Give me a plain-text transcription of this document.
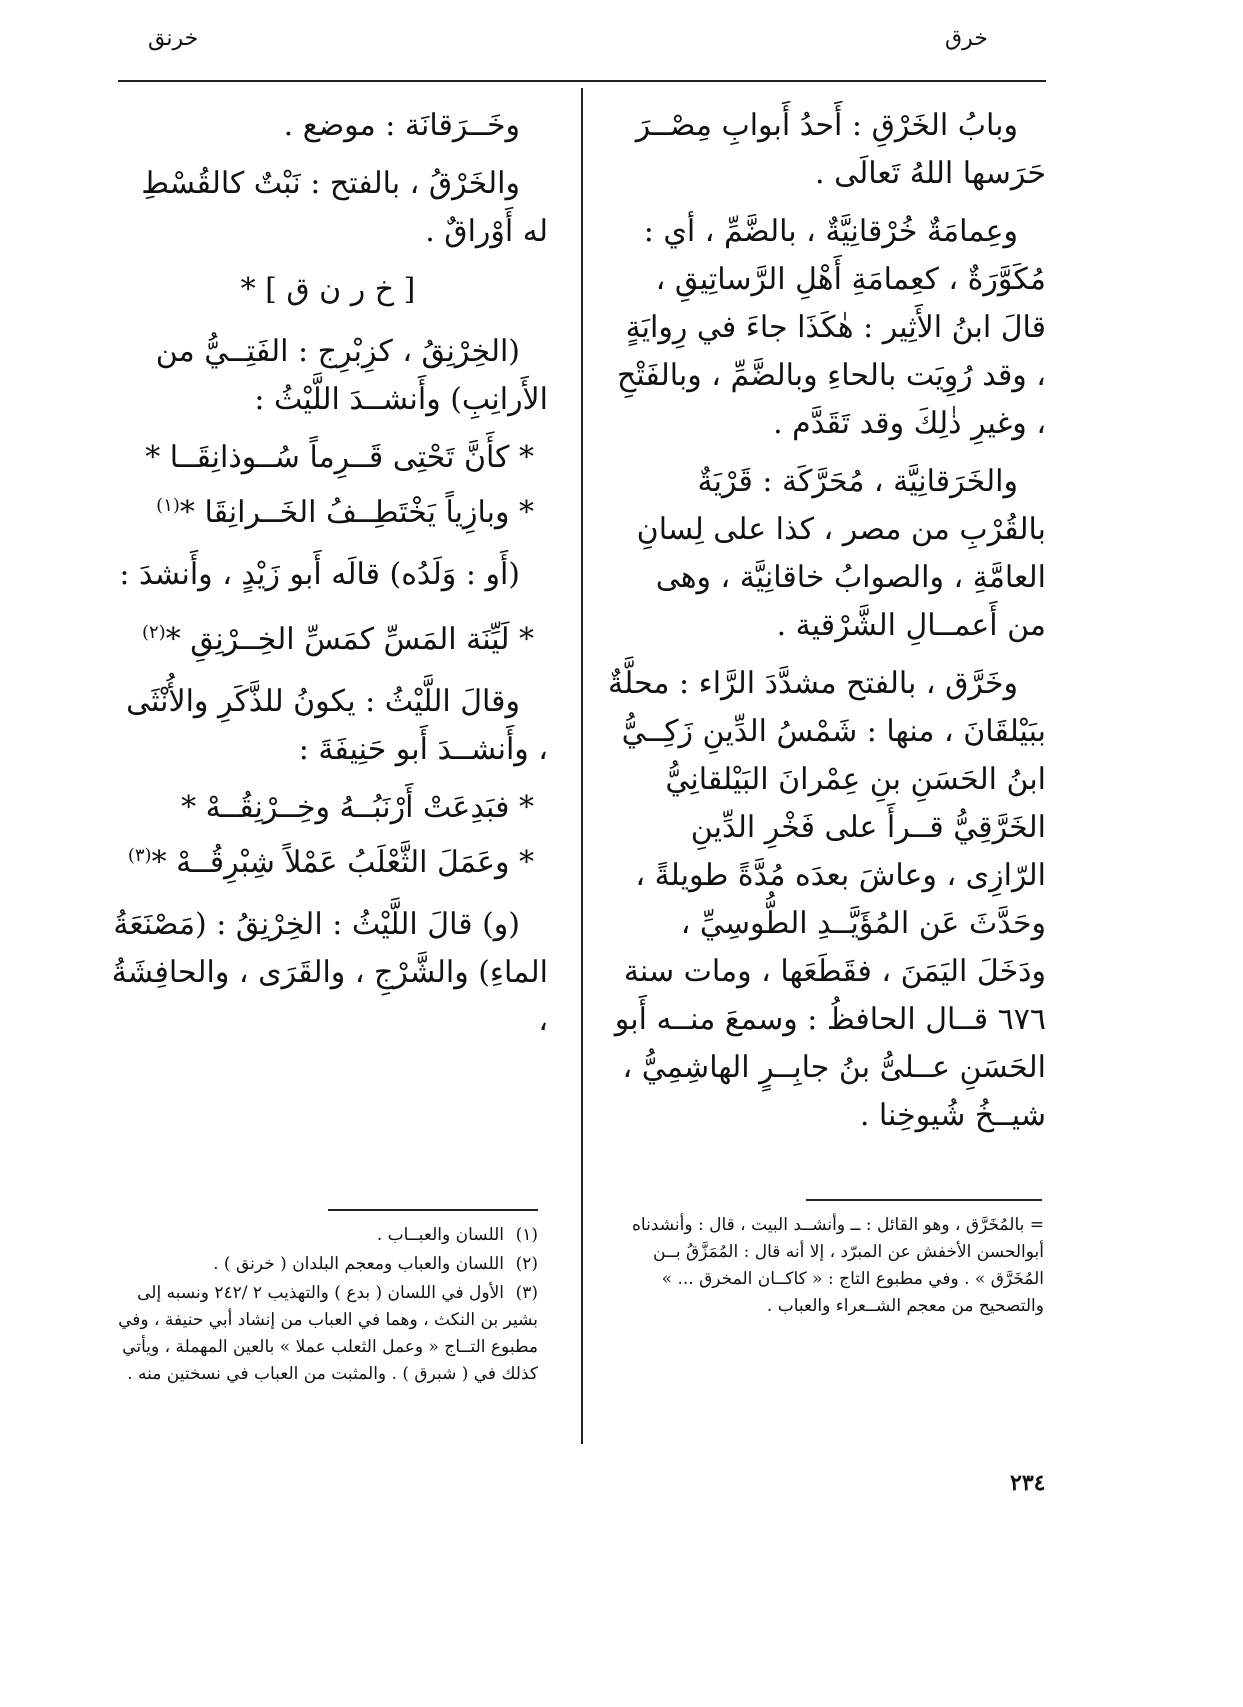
خرق
خرنق

وبابُ الخَرْقِ : أَحدُ أَبوابِ مِصْــرَ حَرَسها اللهُ تَعالَى .

وعِمامَةٌ خُرْقانِيَّةٌ ، بالضَّمِّ ، أي : مُكَوَّرَةٌ ، كعِمامَةِ أَهْلِ الرَّساتِيقِ ، قالَ ابنُ الأَثِير : هٰكَذَا جاءَ في رِوايَةٍ ، وقد رُوِيَت بالحاءِ وبالضَّمِّ ، وبالفَتْحِ ، وغيرِ ذٰلِكَ وقد تَقَدَّم .

والخَرَقانِيَّة ، مُحَرَّكَة : قَرْيَةٌ بالقُرْبِ من مصر ، كذا على لِسانِ العامَّةِ ، والصوابُ خاقانِيَّة ، وهى من أَعمــالِ الشَّرْقية .

وخَرَّق ، بالفتح مشدَّدَ الرَّاء : محلَّةٌ ببَيْلقَانَ ، منها : شَمْسُ الدِّينِ زَكِــيُّ ابنُ الحَسَنِ بنِ عِمْرانَ البَيْلقانِيُّ الخَرَّقِيُّ قــرأَ على فَخْرِ الدِّينِ الرّازِى ، وعاشَ بعدَه مُدَّةً طويلةً ، وحَدَّثَ عَن المُؤَيَّــدِ الطُّوسِيِّ ، ودَخَلَ اليَمَنَ ، فقَطَعَها ، ومات سنة ٦٧٦ قــال الحافظُ : وسمعَ منــه أَبو الحَسَنِ عــلىُّ بنُ جابِــرٍ الهاشِمِيُّ ، شيــخُ شُيوخِنا .

وخَــرَقانَة : موضع .

والخَرْقُ ، بالفتح : نَبْتٌ كالقُسْطِ له أَوْراقٌ .

[ خ ر ن ق ] *

(الخِرْنِقُ ، كزِبْرِج : الفَتِــيُّ من الأَرانِبِ) وأَنشــدَ اللَّيْثُ :

* كأَنَّ تَحْتِى قَــرِماً سُــوذانِقَــا *

* وبازِياً يَخْتَطِــفُ الخَــرانِقَا *$^{(١)}$

(أَو : وَلَدُه) قالَه أَبو زَيْدٍ ، وأَنشدَ :

* لَيِّنَة المَسِّ كمَسِّ الخِــرْنِقِ *$^{(٢)}$

وقالَ اللَّيْثُ : يكونُ للذَّكَرِ والأُنْثَى ، وأَنشــدَ أَبو حَنِيفَةَ :

* فبَدِعَتْ أَرْنَبُــهُ وخِــرْنِقُــهْ *

* وعَمَلَ الثَّعْلَبُ عَمْلاً شِبْرِقُــهْ *$^{(٣)}$

(و) قالَ اللَّيْثُ : الخِرْنِقُ : (مَصْنَعَةُ الماءِ) والشَّرْجِ ، والقَرَى ، والحافِشَةُ ،

(١)اللسان والعبــاب .

(٢)اللسان والعباب ومعجم البلدان ( خرنق ) .

(٣)الأول في اللسان ( بدع ) والتهذيب ٢ /٢٤٢ ونسبه إلى بشير بن النكث ، وهما في العباب من إنشاد أبي حنيفة ، وفي مطبوع التــاج « وعمل الثعلب عملا » بالعين المهملة ، ويأتي كذلك في ( شبرق ) . والمثبت من العباب في نسختين منه .

= بالمُخَرَّق ، وهو القائل : ــ وأنشــد البيت ، قال : وأنشدناه أبوالحسن الأخفش عن المبرّد ، إلا أنه قال : المُمَزَّقُ بــن المُخَرَّق » . وفي مطبوع التاج : « كاكــان المخرق ... » والتصحيح من معجم الشــعراء والعباب .

٢٣٤
